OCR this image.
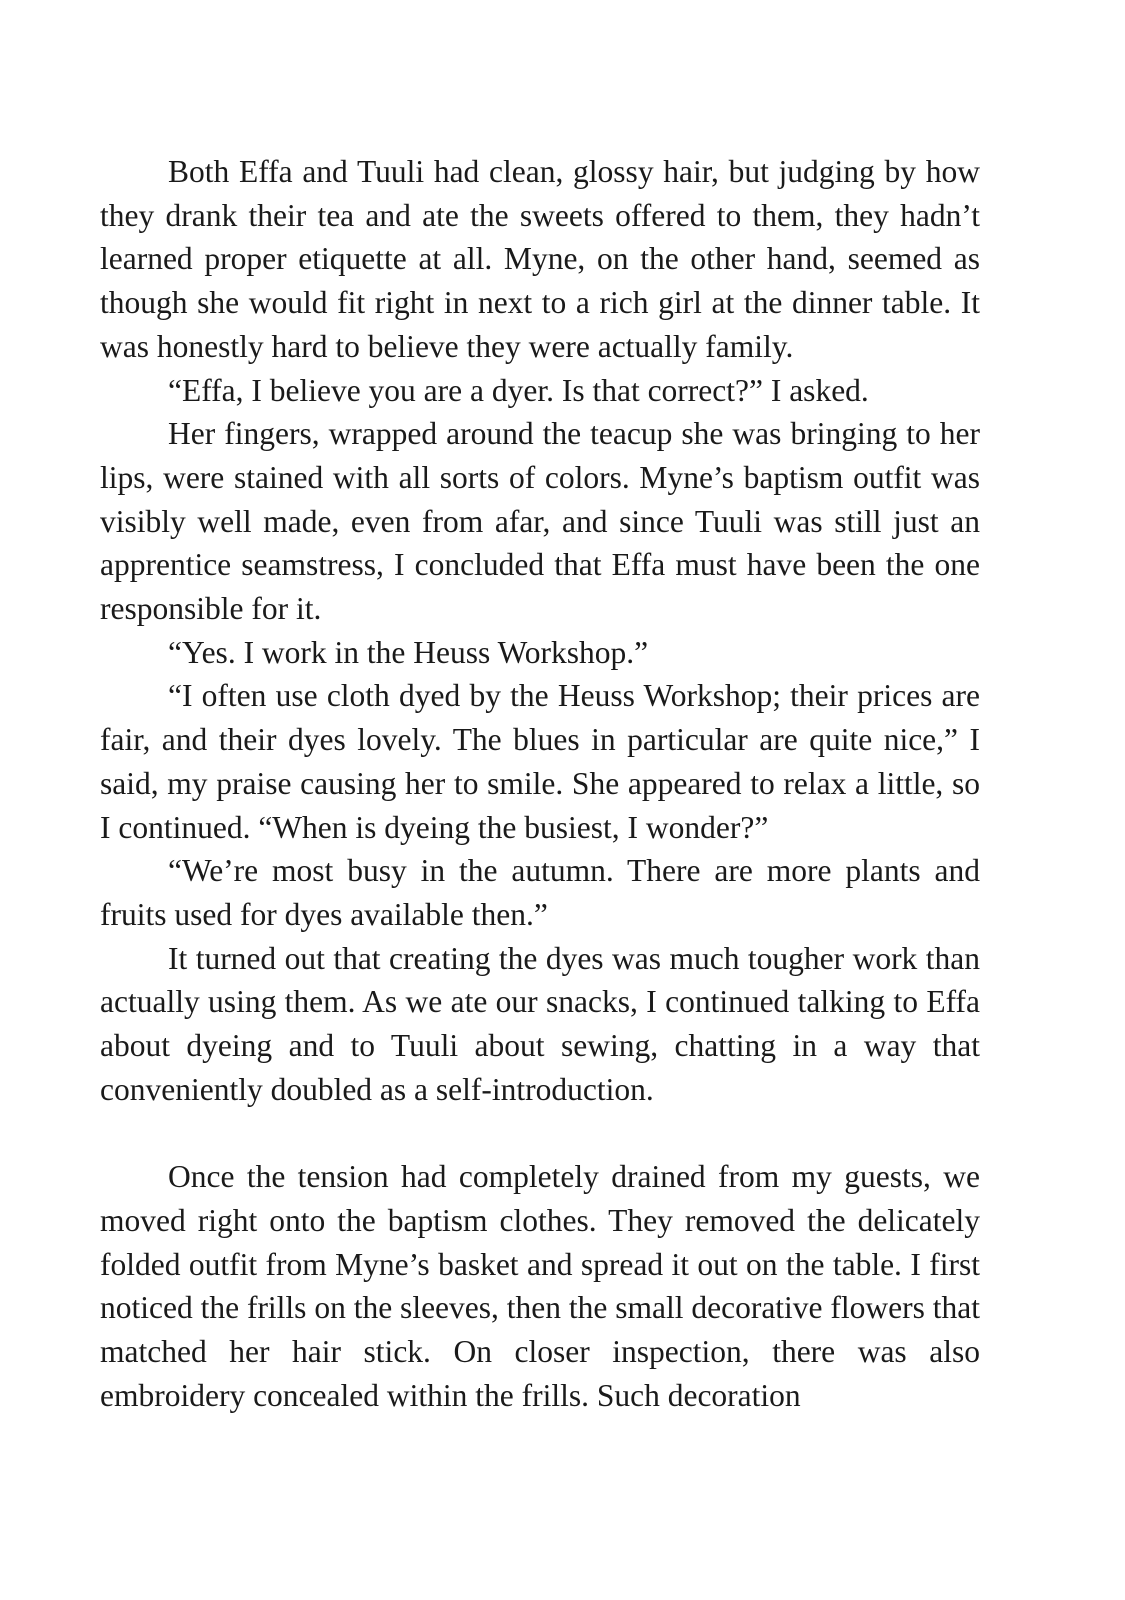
Both Effa and Tuuli had clean, glossy hair, but judging by how they drank their tea and ate the sweets offered to them, they hadn’t learned proper etiquette at all. Myne, on the other hand, seemed as though she would fit right in next to a rich girl at the dinner table. It was honestly hard to believe they were actually family.

“Effa, I believe you are a dyer. Is that correct?” I asked.

Her fingers, wrapped around the teacup she was bringing to her lips, were stained with all sorts of colors. Myne’s baptism outfit was visibly well made, even from afar, and since Tuuli was still just an apprentice seamstress, I concluded that Effa must have been the one responsible for it.

“Yes. I work in the Heuss Workshop.”

“I often use cloth dyed by the Heuss Workshop; their prices are fair, and their dyes lovely. The blues in particular are quite nice,” I said, my praise causing her to smile. She appeared to relax a little, so I continued. “When is dyeing the busiest, I wonder?”

“We’re most busy in the autumn. There are more plants and fruits used for dyes available then.”

It turned out that creating the dyes was much tougher work than actually using them. As we ate our snacks, I continued talking to Effa about dyeing and to Tuuli about sewing, chatting in a way that conveniently doubled as a self-introduction.

Once the tension had completely drained from my guests, we moved right onto the baptism clothes. They removed the delicately folded outfit from Myne’s basket and spread it out on the table. I first noticed the frills on the sleeves, then the small decorative flowers that matched her hair stick. On closer inspection, there was also embroidery concealed within the frills. Such decoration
